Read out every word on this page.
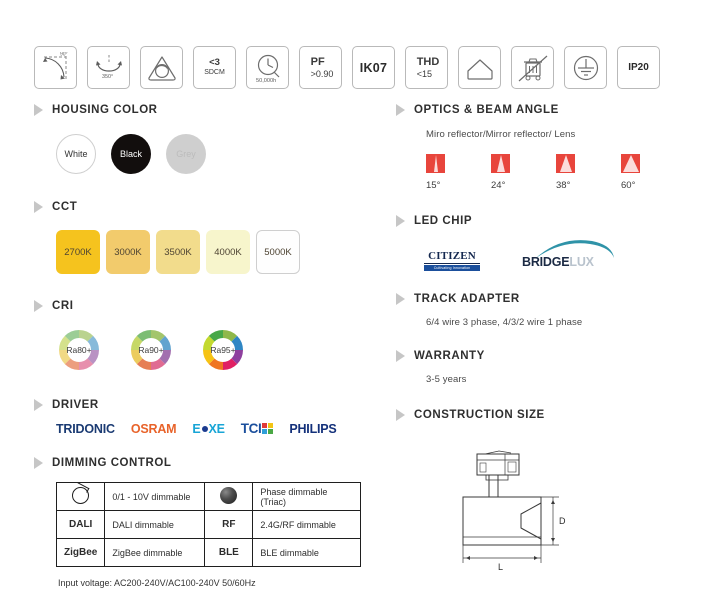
90°
350°
<3
SDCM
50,000h
PF
>0.90 IK07	THD
<15
IP20
HOUSING COLOR
White	Black	Grey
CCT
2700K 3000K 3500K 4000K 5000K
CRI
Ra80+	Ra90+	Ra95+
DRIVER
TRIDONIC OSRAM E XE TCI	PHILIPS
DIMMING CONTROL
	0/1 - 10V dimmable		Phase dimmable (Triac)
DALI	DALI dimmable	RF	2.4G/RF dimmable
ZigBee	ZigBee dimmable	BLE	BLE dimmable
Input voltage: AC200-240V/AC100-240V 50/60Hz
OPTICS & BEAM ANGLE
Miro reflector/Mirror reflector/ Lens
15°	24°	38°	60°
LED CHIP
CITIZEN
Cultivating Innovation	BRIDGELUX
TRACK ADAPTER
6/4 wire 3 phase, 4/3/2 wire 1 phase
WARRANTY
3-5 years
CONSTRUCTION SIZE
D
L
